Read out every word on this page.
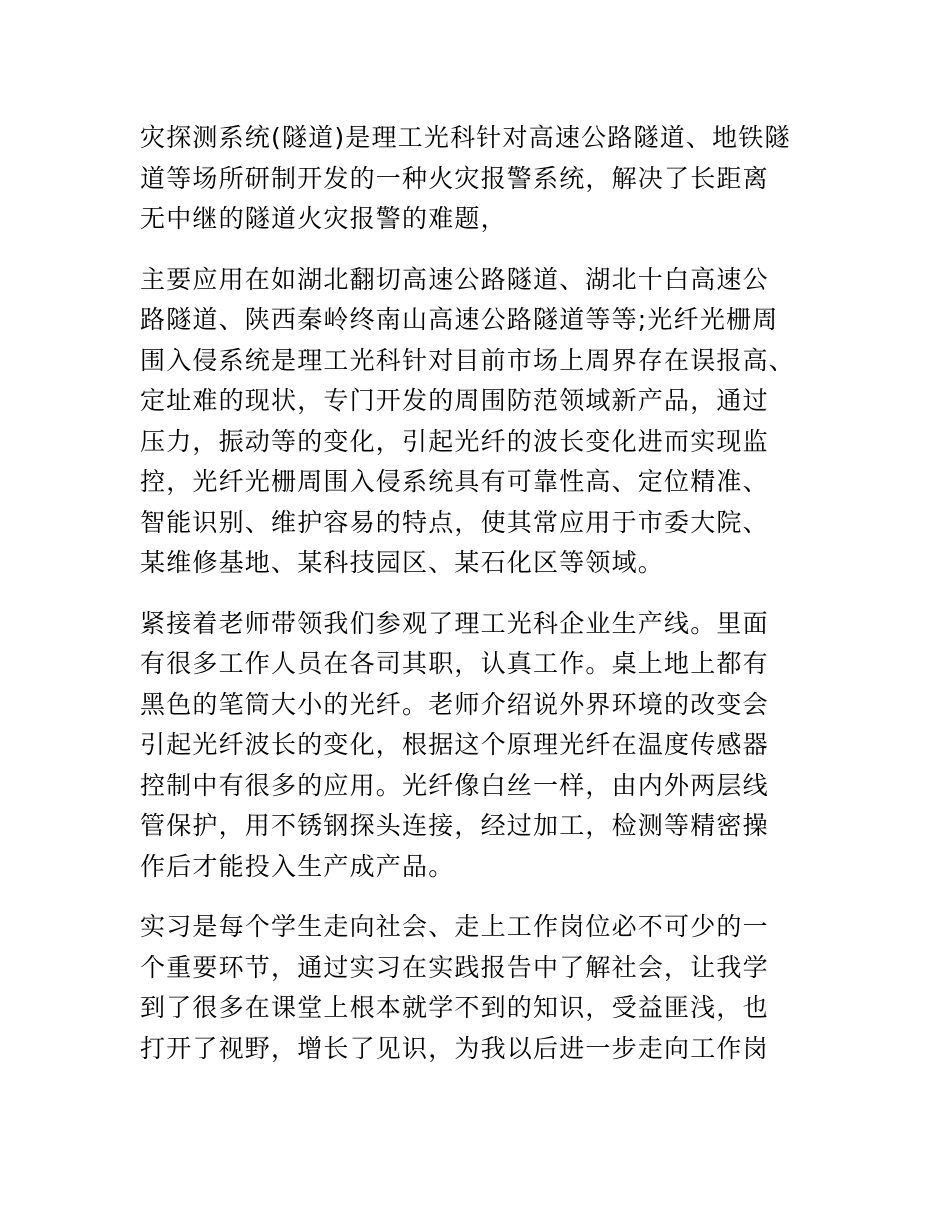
灾探测系统(隧道)是理工光科针对高速公路隧道、地铁隧
道等场所研制开发的一种火灾报警系统，解决了长距离
无中继的隧道火灾报警的难题，

主要应用在如湖北翻切高速公路隧道、湖北十白高速公
路隧道、陕西秦岭终南山高速公路隧道等等;光纤光栅周
围入侵系统是理工光科针对目前市场上周界存在误报高、
定址难的现状，专门开发的周围防范领域新产品，通过
压力，振动等的变化，引起光纤的波长变化进而实现监
控，光纤光栅周围入侵系统具有可靠性高、定位精准、
智能识别、维护容易的特点，使其常应用于市委大院、
某维修基地、某科技园区、某石化区等领域。

紧接着老师带领我们参观了理工光科企业生产线。里面
有很多工作人员在各司其职，认真工作。桌上地上都有
黑色的笔筒大小的光纤。老师介绍说外界环境的改变会
引起光纤波长的变化，根据这个原理光纤在温度传感器
控制中有很多的应用。光纤像白丝一样，由内外两层线
管保护，用不锈钢探头连接，经过加工，检测等精密操
作后才能投入生产成产品。

实习是每个学生走向社会、走上工作岗位必不可少的一
个重要环节，通过实习在实践报告中了解社会，让我学
到了很多在课堂上根本就学不到的知识，受益匪浅，也
打开了视野，增长了见识，为我以后进一步走向工作岗
